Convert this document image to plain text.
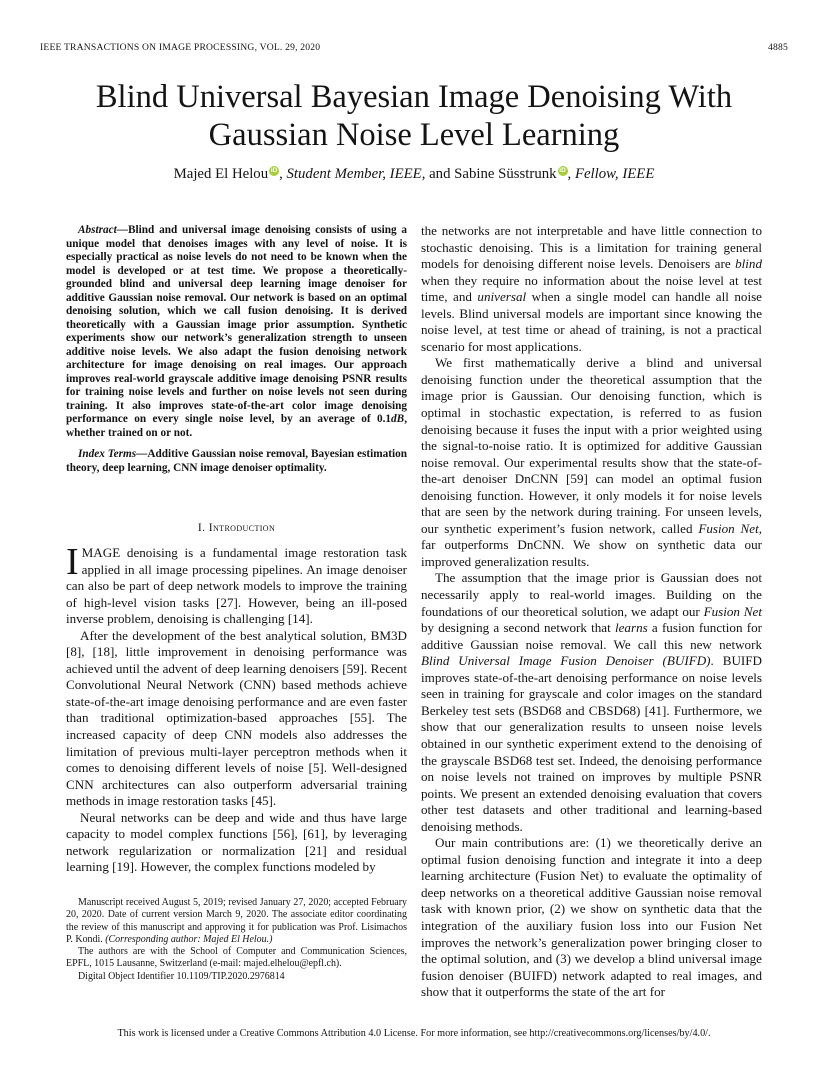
IEEE TRANSACTIONS ON IMAGE PROCESSING, VOL. 29, 2020	4885
Blind Universal Bayesian Image Denoising With
Gaussian Noise Level Learning
Majed El Helou iD , Student Member, IEEE, and Sabine Süsstrunk iD , Fellow, IEEE

Abstract—Blind and universal image denoising consists of using a unique model that denoises images with any level of noise. It is especially practical as noise levels do not need to be known when the model is developed or at test time. We propose a theoretically-grounded blind and universal deep learning image denoiser for additive Gaussian noise removal. Our network is based on an optimal denoising solution, which we call fusion denoising. It is derived theoretically with a Gaussian image prior assumption. Synthetic experiments show our network’s generalization strength to unseen additive noise levels. We also adapt the fusion denoising network architecture for image denoising on real images. Our approach improves real-world grayscale additive image denoising PSNR results for training noise levels and further on noise levels not seen during training. It also improves state-of-the-art color image denoising performance on every single noise level, by an average of 0.1dB, whether trained on or not.

Index Terms—Additive Gaussian noise removal, Bayesian estimation theory, deep learning, CNN image denoiser optimality.

I. Introduction

IMAGE denoising is a fundamental image restoration task applied in all image processing pipelines. An image denoiser can also be part of deep network models to improve the training of high-level vision tasks [27]. However, being an ill-posed inverse problem, denoising is challenging [14].

After the development of the best analytical solution, BM3D [8], [18], little improvement in denoising performance was achieved until the advent of deep learning denoisers [59]. Recent Convolutional Neural Network (CNN) based methods achieve state-of-the-art image denoising performance and are even faster than traditional optimization-based approaches [55]. The increased capacity of deep CNN models also addresses the limitation of previous multi-layer perceptron methods when it comes to denoising different levels of noise [5]. Well-designed CNN architectures can also outperform adversarial training methods in image restoration tasks [45].

Neural networks can be deep and wide and thus have large capacity to model complex functions [56], [61], by leveraging network regularization or normalization [21] and residual learning [19]. However, the complex functions modeled by

Manuscript received August 5, 2019; revised January 27, 2020; accepted February 20, 2020. Date of current version March 9, 2020. The associate editor coordinating the review of this manuscript and approving it for publication was Prof. Lisimachos P. Kondi. (Corresponding author: Majed El Helou.)

The authors are with the School of Computer and Communication Sciences, EPFL, 1015 Lausanne, Switzerland (e-mail: majed.elhelou@epfl.ch).

Digital Object Identifier 10.1109/TIP.2020.2976814

the networks are not interpretable and have little connection to stochastic denoising. This is a limitation for training general models for denoising different noise levels. Denoisers are blind when they require no information about the noise level at test time, and universal when a single model can handle all noise levels. Blind universal models are important since knowing the noise level, at test time or ahead of training, is not a practical scenario for most applications.

We first mathematically derive a blind and universal denoising function under the theoretical assumption that the image prior is Gaussian. Our denoising function, which is optimal in stochastic expectation, is referred to as fusion denoising because it fuses the input with a prior weighted using the signal-to-noise ratio. It is optimized for additive Gaussian noise removal. Our experimental results show that the state-of-the-art denoiser DnCNN [59] can model an optimal fusion denoising function. However, it only models it for noise levels that are seen by the network during training. For unseen levels, our synthetic experiment’s fusion network, called Fusion Net, far outperforms DnCNN. We show on synthetic data our improved generalization results.

The assumption that the image prior is Gaussian does not necessarily apply to real-world images. Building on the foundations of our theoretical solution, we adapt our Fusion Net by designing a second network that learns a fusion function for additive Gaussian noise removal. We call this new network Blind Universal Image Fusion Denoiser (BUIFD). BUIFD improves state-of-the-art denoising performance on noise levels seen in training for grayscale and color images on the standard Berkeley test sets (BSD68 and CBSD68) [41]. Furthermore, we show that our generalization results to unseen noise levels obtained in our synthetic experiment extend to the denoising of the grayscale BSD68 test set. Indeed, the denoising performance on noise levels not trained on improves by multiple PSNR points. We present an extended denoising evaluation that covers other test datasets and other traditional and learning-based denoising methods.

Our main contributions are: (1) we theoretically derive an optimal fusion denoising function and integrate it into a deep learning architecture (Fusion Net) to evaluate the optimality of deep networks on a theoretical additive Gaussian noise removal task with known prior, (2) we show on synthetic data that the integration of the auxiliary fusion loss into our Fusion Net improves the network’s generalization power bringing closer to the optimal solution, and (3) we develop a blind universal image fusion denoiser (BUIFD) network adapted to real images, and show that it outperforms the state of the art for

This work is licensed under a Creative Commons Attribution 4.0 License. For more information, see http://creativecommons.org/licenses/by/4.0/.
